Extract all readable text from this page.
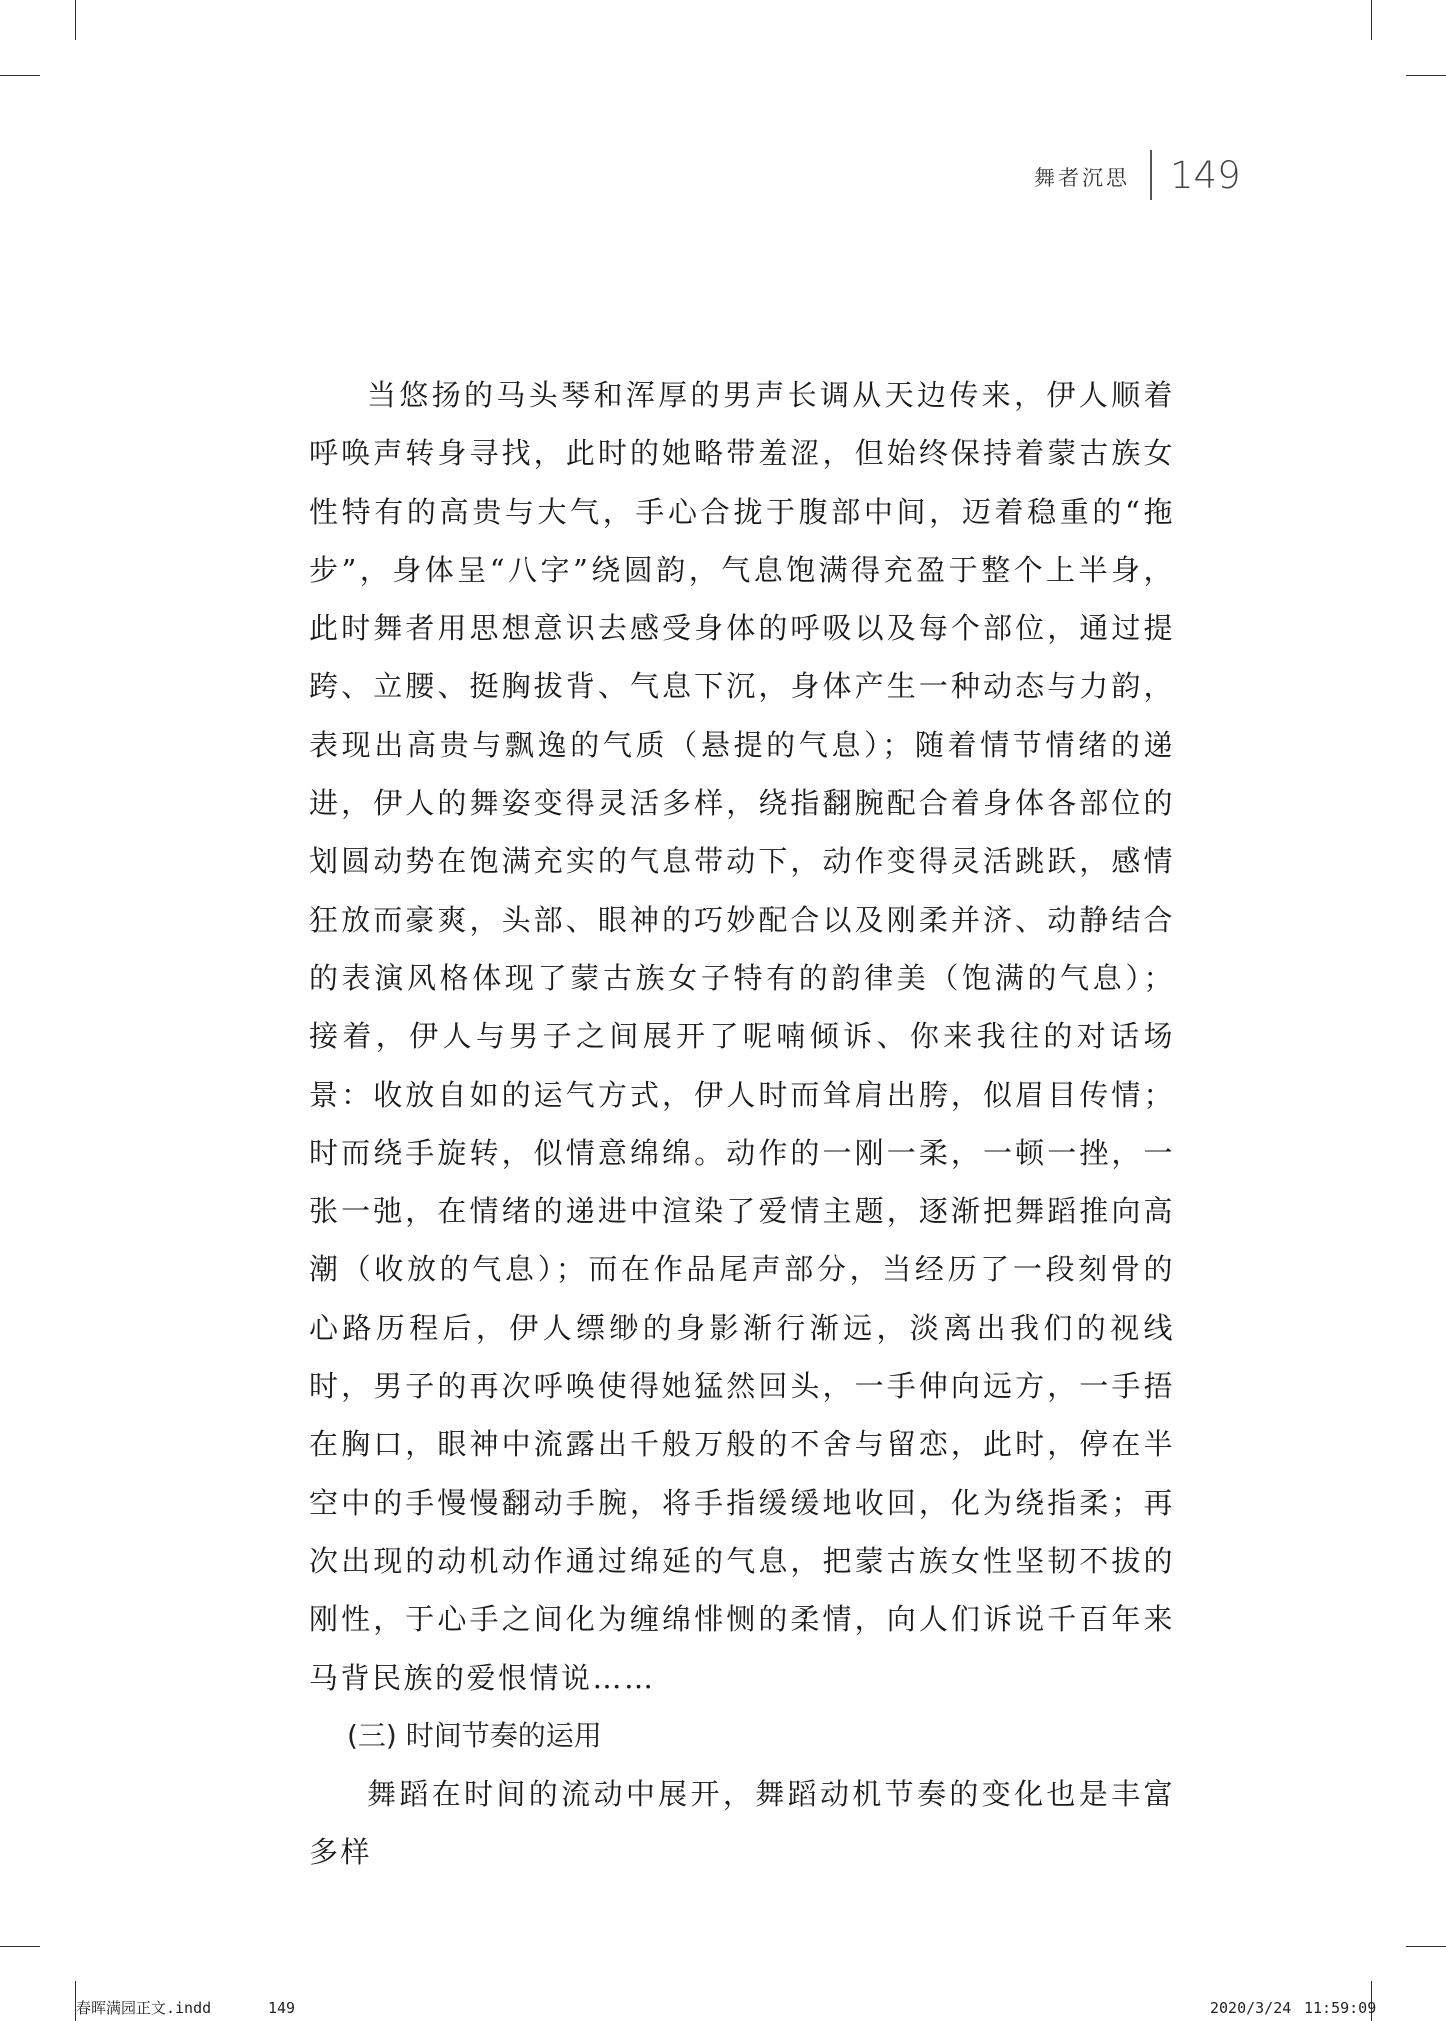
舞者沉思 149

当悠扬的马头琴和浑厚的男声长调从天边传来，伊人顺着呼唤声转身寻找，此时的她略带羞涩，但始终保持着蒙古族女性特有的高贵与大气，手心合拢于腹部中间，迈着稳重的“拖步”，身体呈“八字”绕圆韵，气息饱满得充盈于整个上半身，此时舞者用思想意识去感受身体的呼吸以及每个部位，通过提跨、立腰、挺胸拔背、气息下沉，身体产生一种动态与力韵，表现出高贵与飘逸的气质（悬提的气息）；随着情节情绪的递进，伊人的舞姿变得灵活多样，绕指翻腕配合着身体各部位的划圆动势在饱满充实的气息带动下，动作变得灵活跳跃，感情狂放而豪爽，头部、眼神的巧妙配合以及刚柔并济、动静结合的表演风格体现了蒙古族女子特有的韵律美（饱满的气息）；接着，伊人与男子之间展开了呢喃倾诉、你来我往的对话场景：收放自如的运气方式，伊人时而耸肩出胯，似眉目传情；时而绕手旋转，似情意绵绵。动作的一刚一柔，一顿一挫，一张一弛，在情绪的递进中渲染了爱情主题，逐渐把舞蹈推向高潮（收放的气息）；而在作品尾声部分，当经历了一段刻骨的心路历程后，伊人缥缈的身影渐行渐远，淡离出我们的视线时，男子的再次呼唤使得她猛然回头，一手伸向远方，一手捂在胸口，眼神中流露出千般万般的不舍与留恋，此时，停在半空中的手慢慢翻动手腕，将手指缓缓地收回，化为绕指柔；再次出现的动机动作通过绵延的气息，把蒙古族女性坚韧不拔的刚性，于心手之间化为缠绵悱恻的柔情，向人们诉说千百年来马背民族的爱恨情说……

(三) 时间节奏的运用

舞蹈在时间的流动中展开，舞蹈动机节奏的变化也是丰富多样

春晖满园正文.indd	149	2020/3/24 11:59:09
